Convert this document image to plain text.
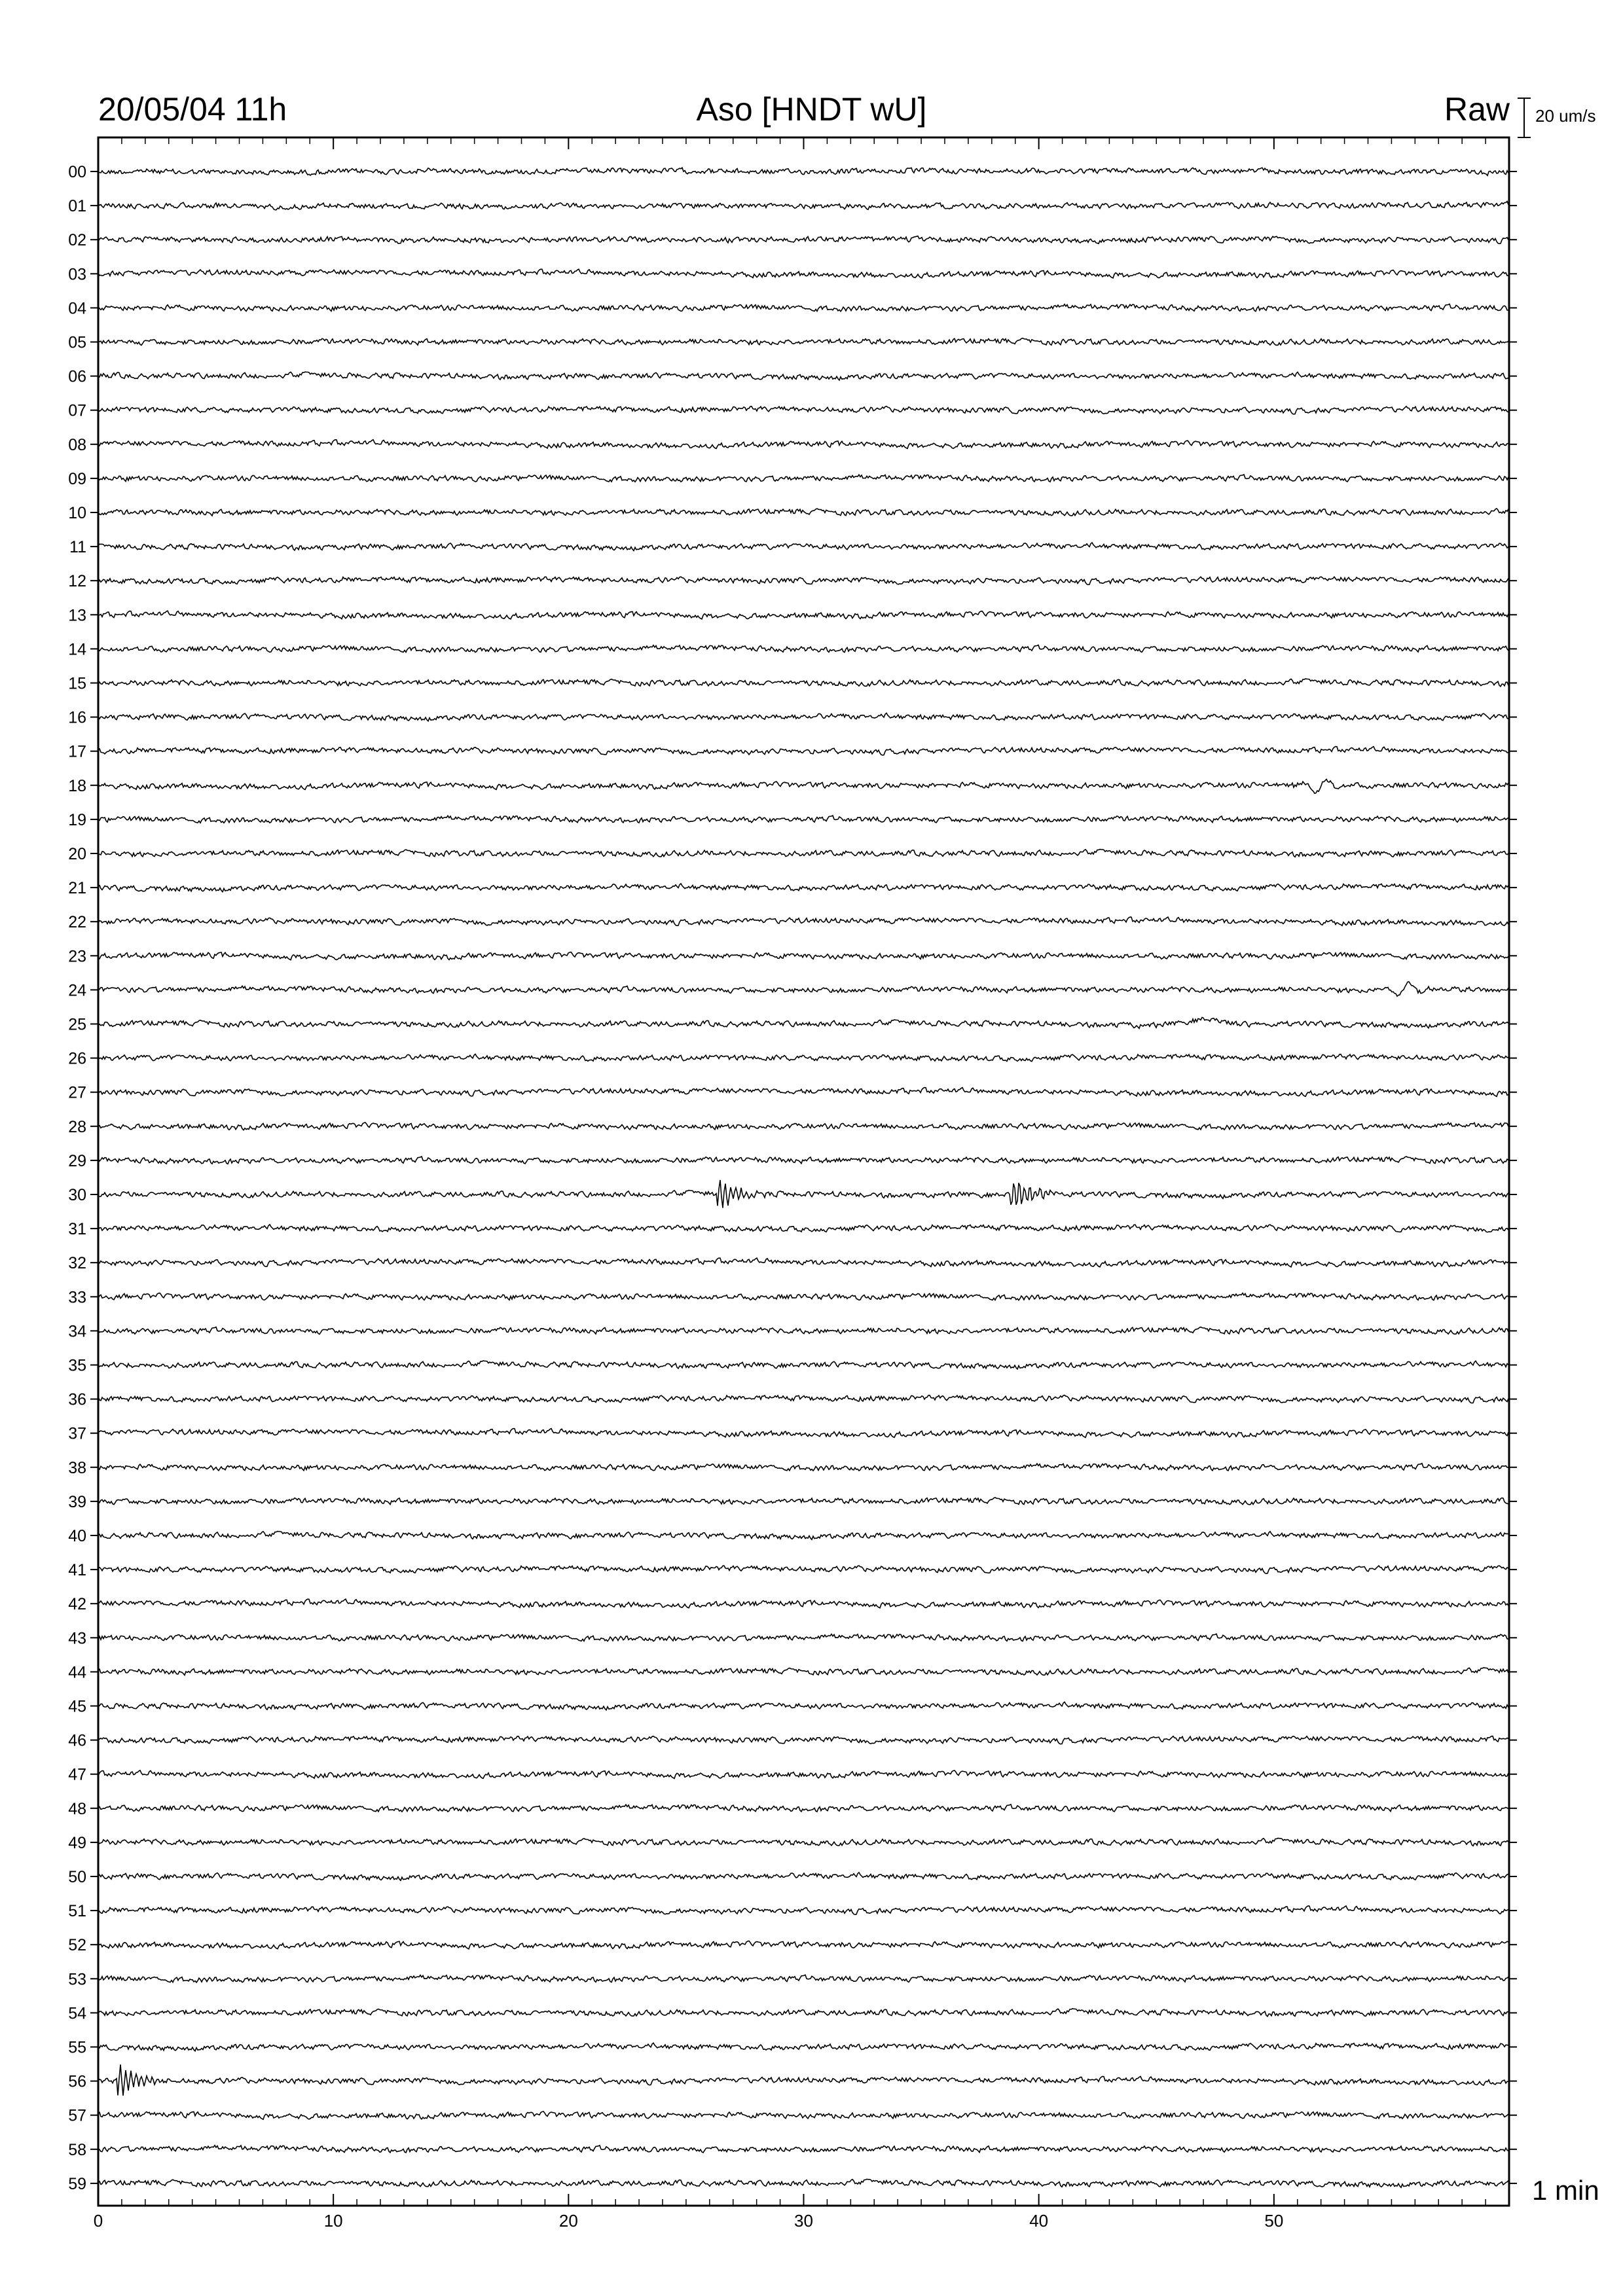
00
01
02
03
04
05
06
07
08
09
10
11
12
13
14
15
16
17
18
19
20
21
22
23
24
25
26
27
28
29
30
31
32
33
34
35
36
37
38
39
40
41
42
43
44
45
46
47
48
49
50
51
52
53
54
55
56
57
58
59
0	10	20	30	40	50
20/05/04 11h	Aso [HNDT wU]	Raw 20 um/s
1 min
